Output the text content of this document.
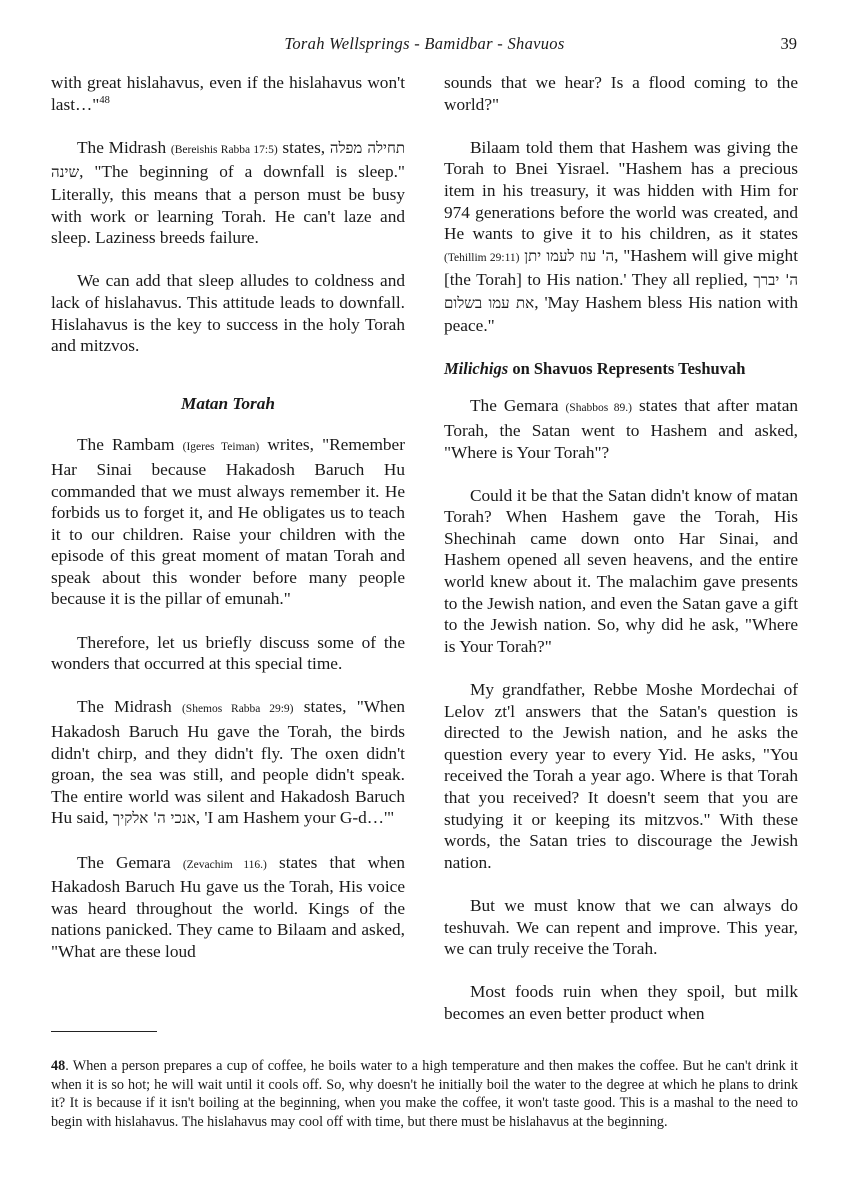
Torah Wellsprings - Bamidbar - Shavuos	39

with great hislahavus, even if the hislahavus won't last…"$^{48}$

The Midrash (Bereishis Rabba 17:5) states, תחילה מפלה שינה, "The beginning of a downfall is sleep." Literally, this means that a person must be busy with work or learning Torah. He can't laze and sleep. Laziness breeds failure.

We can add that sleep alludes to coldness and lack of hislahavus. This attitude leads to downfall. Hislahavus is the key to success in the holy Torah and mitzvos.

Matan Torah

The Rambam (Igeres Teiman) writes, "Remember Har Sinai because Hakadosh Baruch Hu commanded that we must always remember it. He forbids us to forget it, and He obligates us to teach it to our children. Raise your children with the episode of this great moment of matan Torah and speak about this wonder before many people because it is the pillar of emunah."

Therefore, let us briefly discuss some of the wonders that occurred at this special time.

The Midrash (Shemos Rabba 29:9) states, "When Hakadosh Baruch Hu gave the Torah, the birds didn't chirp, and they didn't fly. The oxen didn't groan, the sea was still, and people didn't speak. The entire world was silent and Hakadosh Baruch Hu said, אנכי ה' אלקיך, 'I am Hashem your G-d…'"

The Gemara (Zevachim 116.) states that when Hakadosh Baruch Hu gave us the Torah, His voice was heard throughout the world. Kings of the nations panicked. They came to Bilaam and asked, "What are these loud

sounds that we hear? Is a flood coming to the world?"

Bilaam told them that Hashem was giving the Torah to Bnei Yisrael. "Hashem has a precious item in his treasury, it was hidden with Him for 974 generations before the world was created, and He wants to give it to his children, as it states (Tehillim 29:11) ה' עוז לעמו יתן, "Hashem will give might [the Torah] to His nation.' They all replied, ה' יברך את עמו בשלום, 'May Hashem bless His nation with peace."

Milichigs on Shavuos Represents Teshuvah

The Gemara (Shabbos 89.) states that after matan Torah, the Satan went to Hashem and asked, "Where is Your Torah"?

Could it be that the Satan didn't know of matan Torah? When Hashem gave the Torah, His Shechinah came down onto Har Sinai, and Hashem opened all seven heavens, and the entire world knew about it. The malachim gave presents to the Jewish nation, and even the Satan gave a gift to the Jewish nation. So, why did he ask, "Where is Your Torah?"

My grandfather, Rebbe Moshe Mordechai of Lelov zt'l answers that the Satan's question is directed to the Jewish nation, and he asks the question every year to every Yid. He asks, "You received the Torah a year ago. Where is that Torah that you received? It doesn't seem that you are studying it or keeping its mitzvos." With these words, the Satan tries to discourage the Jewish nation.

But we must know that we can always do teshuvah. We can repent and improve. This year, we can truly receive the Torah.

Most foods ruin when they spoil, but milk becomes an even better product when

48. When a person prepares a cup of coffee, he boils water to a high temperature and then makes the coffee. But he can't drink it when it is so hot; he will wait until it cools off. So, why doesn't he initially boil the water to the degree at which he plans to drink it? It is because if it isn't boiling at the beginning, when you make the coffee, it won't taste good. This is a mashal to the need to begin with hislahavus. The hislahavus may cool off with time, but there must be hislahavus at the beginning.
